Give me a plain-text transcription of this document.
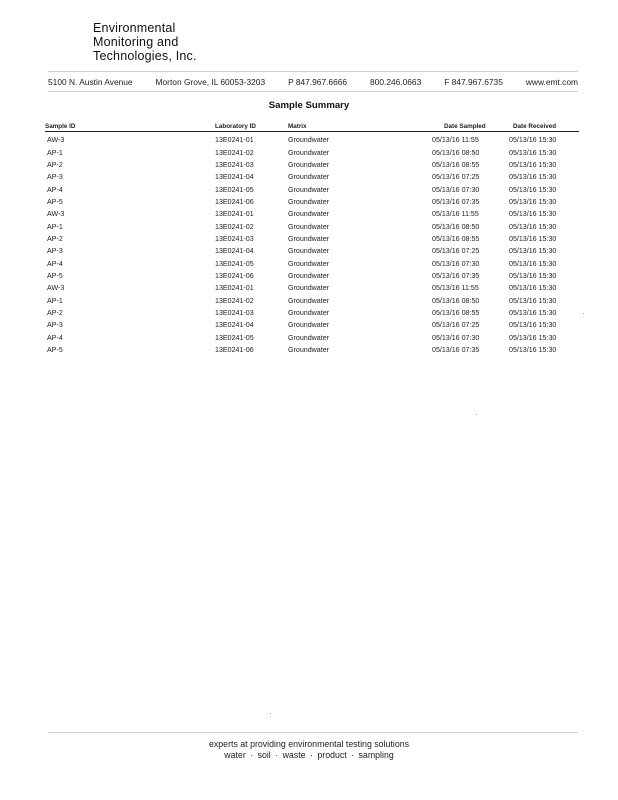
Environmental
Monitoring and
Technologies, Inc.
5100 N. Austin Avenue	Morton Grove, IL 60053-3203	P 847.967.6666	800.246.0663	F 847.967.6735	www.emt.com
Sample Summary
Sample ID	Laboratory ID	Matrix	Date Sampled	Date Received
AW-3	13E0241-01	Groundwater	05/13/16 11:55	05/13/16 15:30
AP-1	13E0241-02	Groundwater	05/13/16 08:50	05/13/16 15:30
AP-2	13E0241-03	Groundwater	05/13/16 08:55	05/13/16 15:30
AP-3	13E0241-04	Groundwater	05/13/16 07:25	05/13/16 15:30
AP-4	13E0241-05	Groundwater	05/13/16 07:30	05/13/16 15:30
AP-5	13E0241-06	Groundwater	05/13/16 07:35	05/13/16 15:30
AW-3	13E0241-01	Groundwater	05/13/16 11:55	05/13/16 15:30
AP-1	13E0241-02	Groundwater	05/13/16 08:50	05/13/16 15:30
AP-2	13E0241-03	Groundwater	05/13/16 08:55	05/13/16 15:30
AP-3	13E0241-04	Groundwater	05/13/16 07:25	05/13/16 15:30
AP-4	13E0241-05	Groundwater	05/13/16 07:30	05/13/16 15:30
AP-5	13E0241-06	Groundwater	05/13/16 07:35	05/13/16 15:30
AW-3	13E0241-01	Groundwater	05/13/16 11:55	05/13/16 15:30
AP-1	13E0241-02	Groundwater	05/13/16 08:50	05/13/16 15:30
AP-2	13E0241-03	Groundwater	05/13/16 08:55	05/13/16 15:30
AP-3	13E0241-04	Groundwater	05/13/16 07:25	05/13/16 15:30
AP-4	13E0241-05	Groundwater	05/13/16 07:30	05/13/16 15:30
AP-5	13E0241-06	Groundwater	05/13/16 07:35	05/13/16 15:30
experts at providing environmental testing solutions
water · soil · waste · product · sampling
